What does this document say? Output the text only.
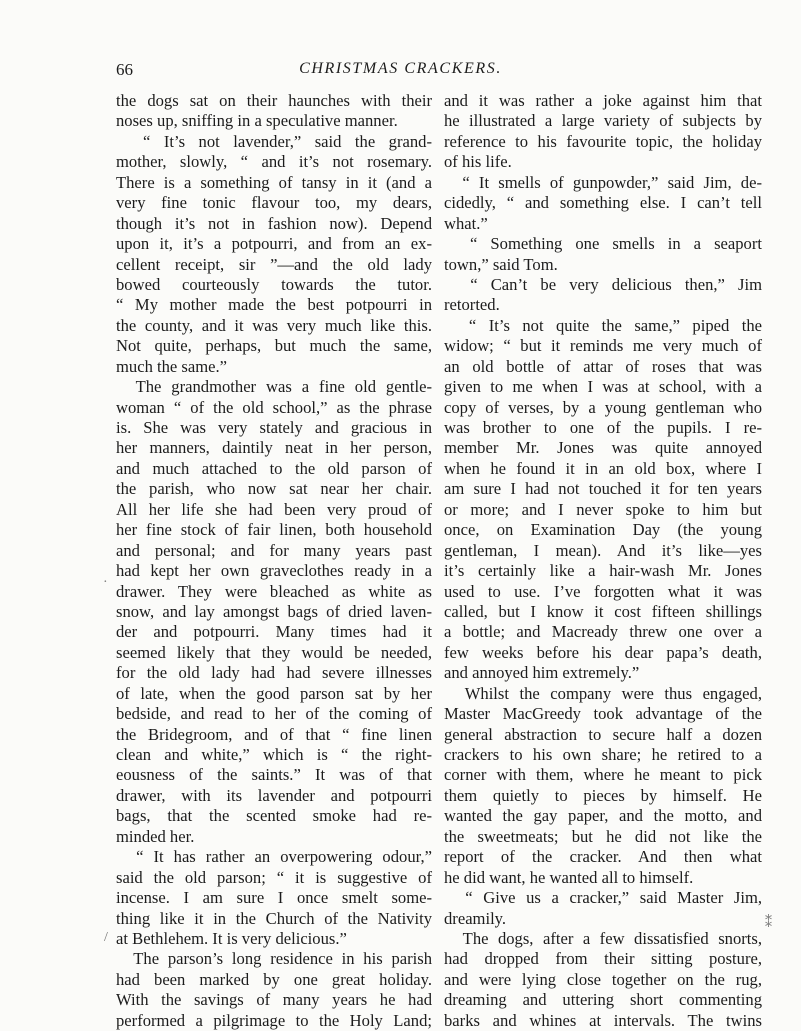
66	CHRISTMAS CRACKERS.
the dogs sat on their haunches with their
noses up, sniffing in a speculative manner.
“ It’s not lavender,” said the grand-
mother, slowly, “ and it’s not rosemary.
There is a something of tansy in it (and a
very fine tonic flavour too, my dears,
though it’s not in fashion now). Depend
upon it, it’s a potpourri, and from an ex-
cellent receipt, sir ”—and the old lady
bowed courteously towards the tutor.
“ My mother made the best potpourri in
the county, and it was very much like this.
Not quite, perhaps, but much the same,
much the same.”
The grandmother was a fine old gentle-
woman “ of the old school,” as the phrase
is. She was very stately and gracious in
her manners, daintily neat in her person,
and much attached to the old parson of
the parish, who now sat near her chair.
All her life she had been very proud of
her fine stock of fair linen, both household
and personal; and for many years past
had kept her own graveclothes ready in a
drawer. They were bleached as white as
snow, and lay amongst bags of dried laven-
der and potpourri. Many times had it
seemed likely that they would be needed,
for the old lady had had severe illnesses
of late, when the good parson sat by her
bedside, and read to her of the coming of
the Bridegroom, and of that “ fine linen
clean and white,” which is “ the right-
eousness of the saints.” It was of that
drawer, with its lavender and potpourri
bags, that the scented smoke had re-
minded her.
“ It has rather an overpowering odour,”
said the old parson; “ it is suggestive of
incense. I am sure I once smelt some-
thing like it in the Church of the Nativity
at Bethlehem. It is very delicious.”
The parson’s long residence in his parish
had been marked by one great holiday.
With the savings of many years he had
performed a pilgrimage to the Holy Land;
and it was rather a joke against him that
he illustrated a large variety of subjects by
reference to his favourite topic, the holiday
of his life.
“ It smells of gunpowder,” said Jim, de-
cidedly, “ and something else. I can’t tell
what.”
“ Something one smells in a seaport
town,” said Tom.
“ Can’t be very delicious then,” Jim
retorted.
“ It’s not quite the same,” piped the
widow; “ but it reminds me very much of
an old bottle of attar of roses that was
given to me when I was at school, with a
copy of verses, by a young gentleman who
was brother to one of the pupils. I re-
member Mr. Jones was quite annoyed
when he found it in an old box, where I
am sure I had not touched it for ten years
or more; and I never spoke to him but
once, on Examination Day (the young
gentleman, I mean). And it’s like—yes
it’s certainly like a hair-wash Mr. Jones
used to use. I’ve forgotten what it was
called, but I know it cost fifteen shillings
a bottle; and Macready threw one over a
few weeks before his dear papa’s death,
and annoyed him extremely.”
Whilst the company were thus engaged,
Master MacGreedy took advantage of the
general abstraction to secure half a dozen
crackers to his own share; he retired to a
corner with them, where he meant to pick
them quietly to pieces by himself. He
wanted the gay paper, and the motto, and
the sweetmeats; but he did not like the
report of the cracker. And then what
he did want, he wanted all to himself.
“ Give us a cracker,” said Master Jim,
dreamily.
The dogs, after a few dissatisfied snorts,
had dropped from their sitting posture,
and were lying close together on the rug,
dreaming and uttering short commenting
barks and whines at intervals. The twins
·
/
⁑
